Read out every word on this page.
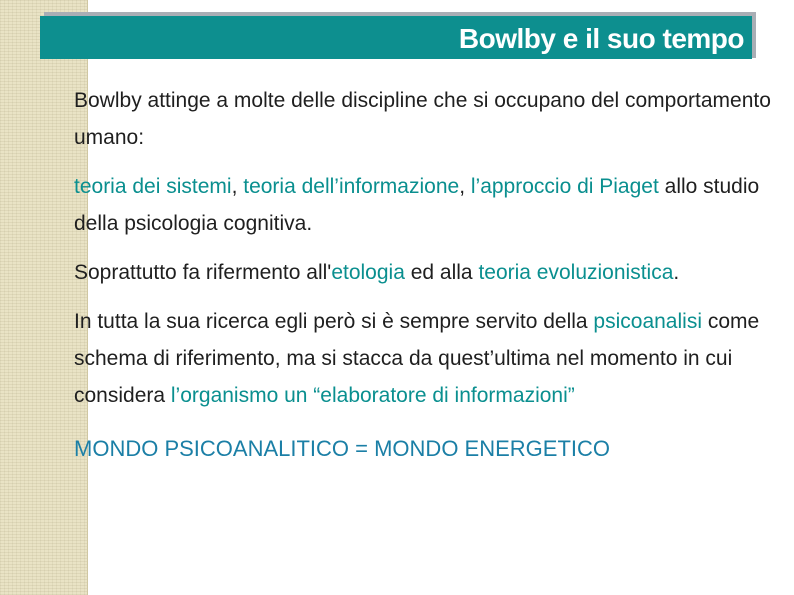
Bowlby e il suo tempo

Bowlby attinge a molte delle discipline che si occupano del comportamento umano:

teoria dei sistemi, teoria dell’informazione, l’approccio di Piaget allo studio della psicologia cognitiva.

Soprattutto fa rifermento all'etologia ed alla teoria evoluzionistica.

In tutta la sua ricerca egli però si è sempre servito della psicoanalisi come schema di riferimento, ma si stacca da quest’ultima nel momento in cui considera l’organismo un “elaboratore di informazioni”

MONDO PSICOANALITICO = MONDO ENERGETICO
